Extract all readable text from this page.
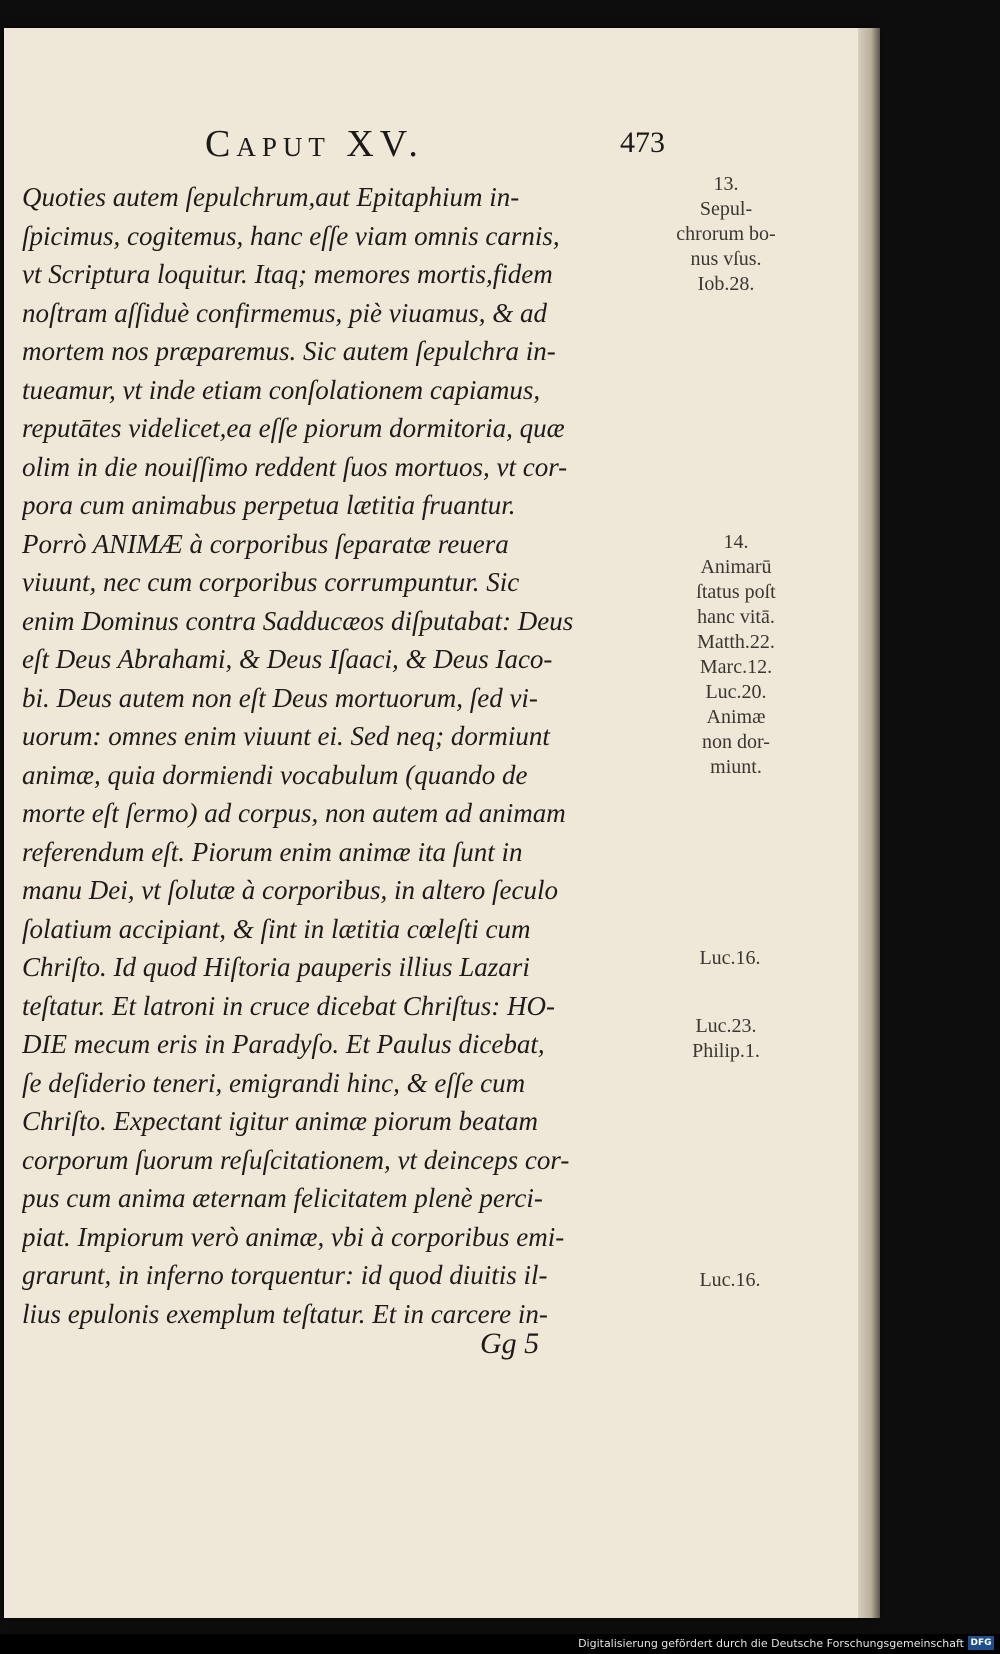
Caput XV.	473
Quoties autem ſepulchrum,aut Epitaphium in-
ſpicimus, cogitemus, hanc eſſe viam omnis carnis,
vt Scriptura loquitur. Itaq; memores mortis,fidem
noſtram aſſiduè confirmemus, piè viuamus, & ad
mortem nos præparemus. Sic autem ſepulchra in-
tueamur, vt inde etiam conſolationem capiamus,
reputātes videlicet,ea eſſe piorum dormitoria, quæ
olim in die nouiſſimo reddent ſuos mortuos, vt cor-
pora cum animabus perpetua lætitia fruantur.
Porrò ANIMÆ à corporibus ſeparatæ reuera
viuunt, nec cum corporibus corrumpuntur. Sic
enim Dominus contra Sadducæos diſputabat: Deus
eſt Deus Abrahami, & Deus Iſaaci, & Deus Iaco-
bi. Deus autem non eſt Deus mortuorum, ſed vi-
uorum: omnes enim viuunt ei. Sed neq; dormiunt
animæ, quia dormiendi vocabulum (quando de
morte eſt ſermo) ad corpus, non autem ad animam
referendum eſt. Piorum enim animæ ita ſunt in
manu Dei, vt ſolutæ à corporibus, in altero ſeculo
ſolatium accipiant, & ſint in lætitia cœleſti cum
Chriſto. Id quod Hiſtoria pauperis illius Lazari
teſtatur. Et latroni in cruce dicebat Chriſtus: HO-
DIE mecum eris in Paradyſo. Et Paulus dicebat,
ſe deſiderio teneri, emigrandi hinc, & eſſe cum
Chriſto. Expectant igitur animæ piorum beatam
corporum ſuorum reſuſcitationem, vt deinceps cor-
pus cum anima æternam felicitatem plenè perci-
piat. Impiorum verò animæ, vbi à corporibus emi-
grarunt, in inferno torquentur: id quod diuitis il-
lius epulonis exemplum teſtatur. Et in carcere in-
13.
Sepul-
chrorum bo-
nus vſus.
Iob.28.
14.
Animarū
ſtatus poſt
hanc vitā.
Matth.22.
Marc.12.
Luc.20.
Animæ
non dor-
miunt.
Luc.16.
Luc.23.
Philip.1.
Luc.16.
Gg 5
Digitalisierung gefördert durch die Deutsche Forschungsgemeinschaft DFG
